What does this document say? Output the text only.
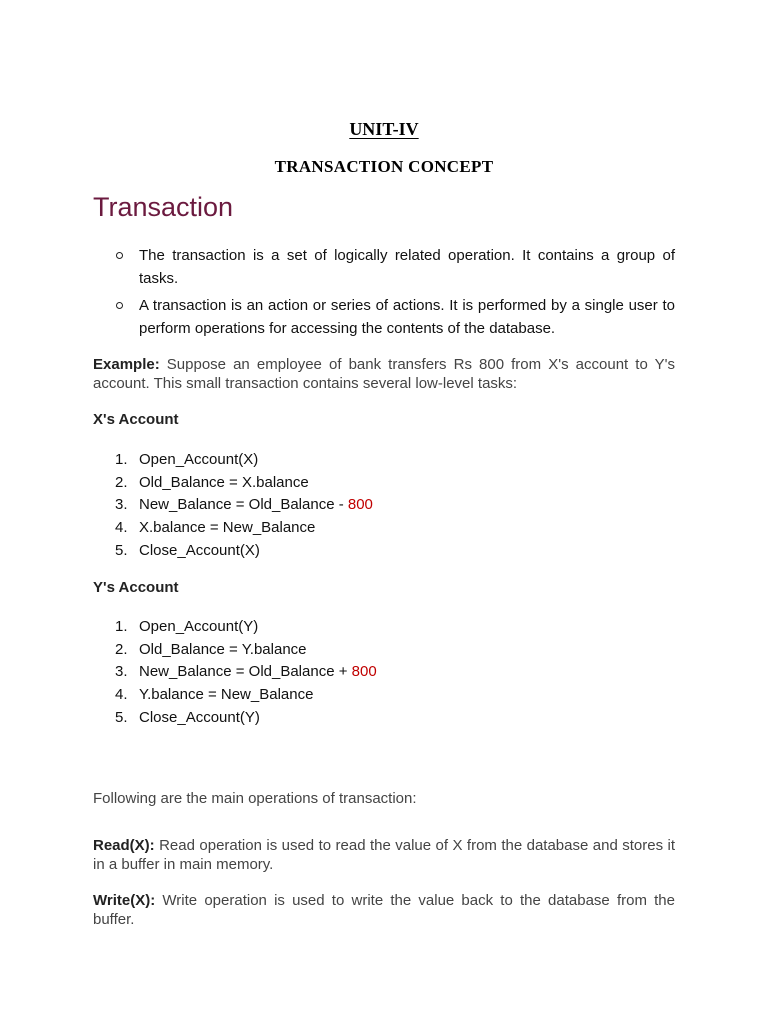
UNIT-IV
TRANSACTION CONCEPT
Transaction
The transaction is a set of logically related operation. It contains a group of tasks.
A transaction is an action or series of actions. It is performed by a single user to perform operations for accessing the contents of the database.
Example: Suppose an employee of bank transfers Rs 800 from X's account to Y's account. This small transaction contains several low-level tasks:
X's Account
1. Open_Account(X)
2. Old_Balance = X.balance
3. New_Balance = Old_Balance - 800
4. X.balance = New_Balance
5. Close_Account(X)
Y's Account
1. Open_Account(Y)
2. Old_Balance = Y.balance
3. New_Balance = Old_Balance + 800
4. Y.balance = New_Balance
5. Close_Account(Y)
Following are the main operations of transaction:
Read(X): Read operation is used to read the value of X from the database and stores it in a buffer in main memory.
Write(X): Write operation is used to write the value back to the database from the buffer.
